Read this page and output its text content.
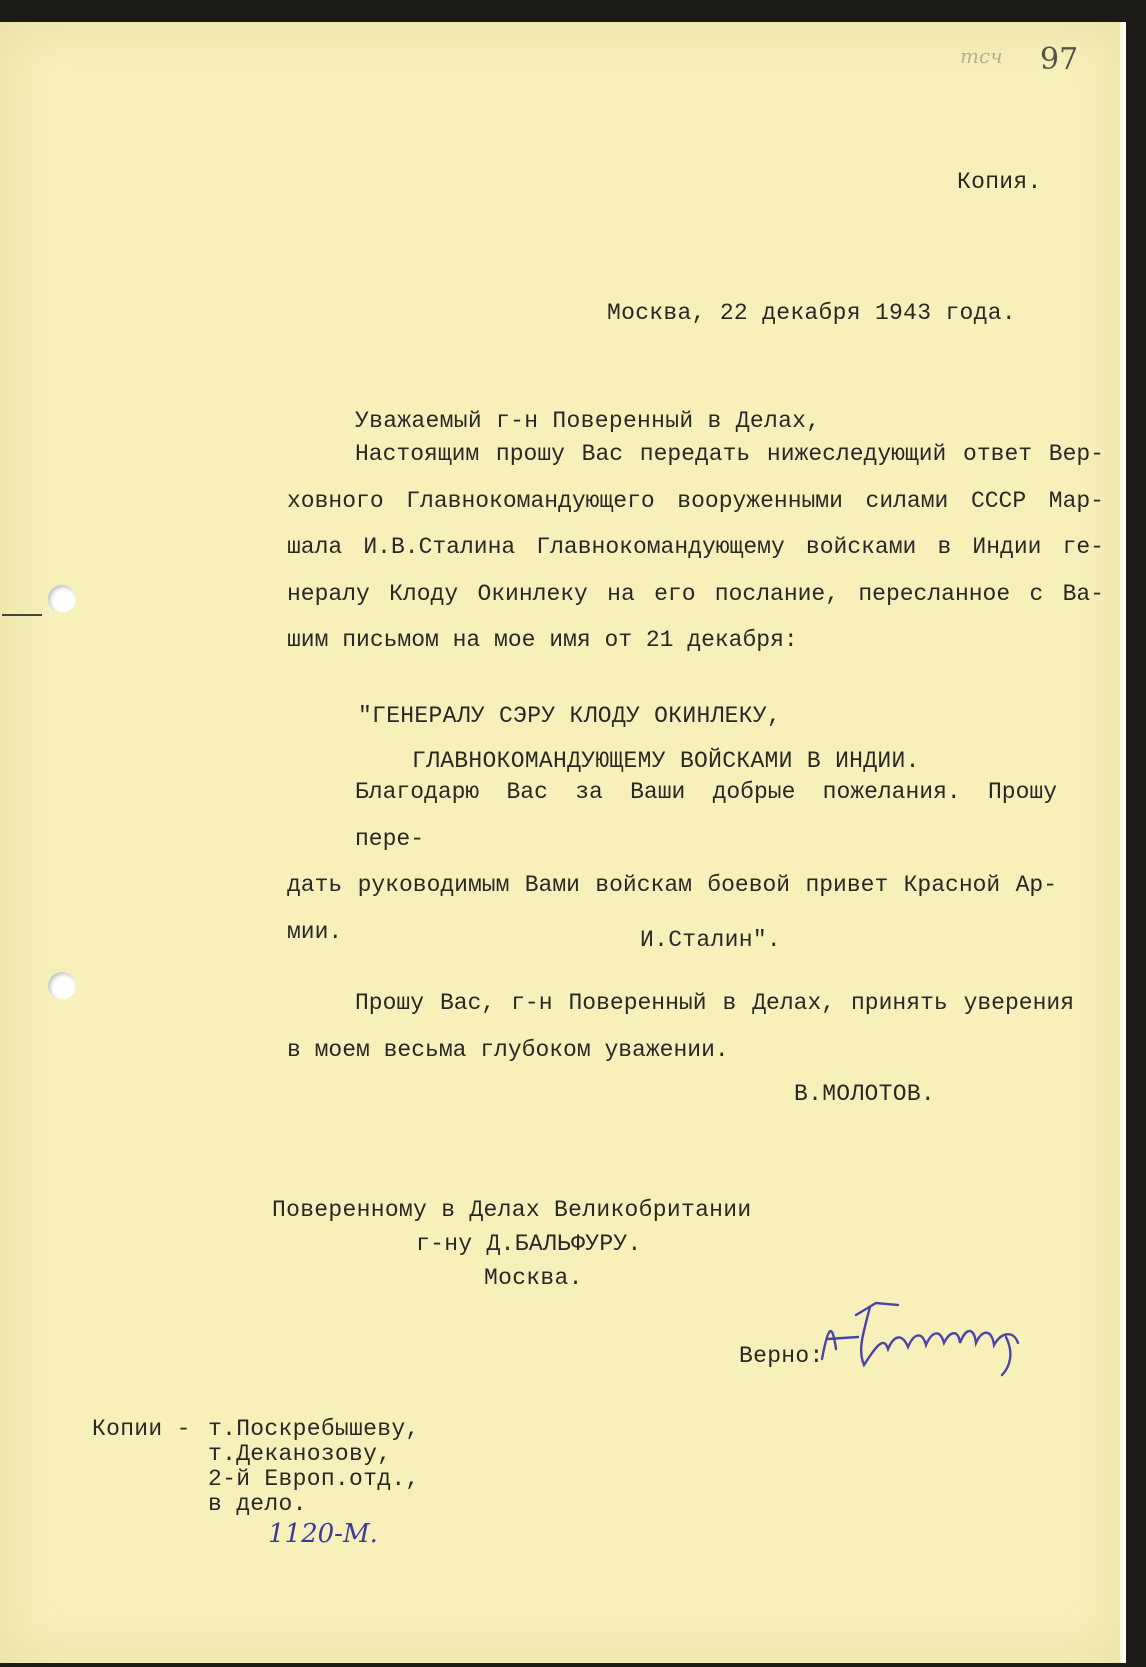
тсч 97
Копия.
Москва, 22 декабря 1943 года.
Уважаемый г-н Поверенный в Делах,
Настоящим прошу Вас передать нижеследующий ответ Вер-
ховного Главнокомандующего вооруженными силами СССР Мар-
шала И.В.Сталина Главнокомандующему войсками в Индии ге-
нералу Клоду Окинлеку на его послание, пересланное с Ва-
шим письмом на мое имя от 21 декабря:
"ГЕНЕРАЛУ СЭРУ КЛОДУ ОКИНЛЕКУ,
ГЛАВНОКОМАНДУЮЩЕМУ ВОЙСКАМИ В ИНДИИ.
Благодарю Вас за Ваши добрые пожелания. Прошу пере-
дать руководимым Вами войскам боевой привет Красной Ар-
мии.	И.Сталин".
Прошу Вас, г-н Поверенный в Делах, принять уверения
в моем весьма глубоком уважении.
В.МОЛОТОВ.
Поверенному в Делах Великобритании
г-ну Д.БАЛЬФУРУ.
Москва.
Верно:
Копии - т.Поскребышеву,
т.Деканозову,
2-й Европ.отд.,
в дело.
1120-М.
